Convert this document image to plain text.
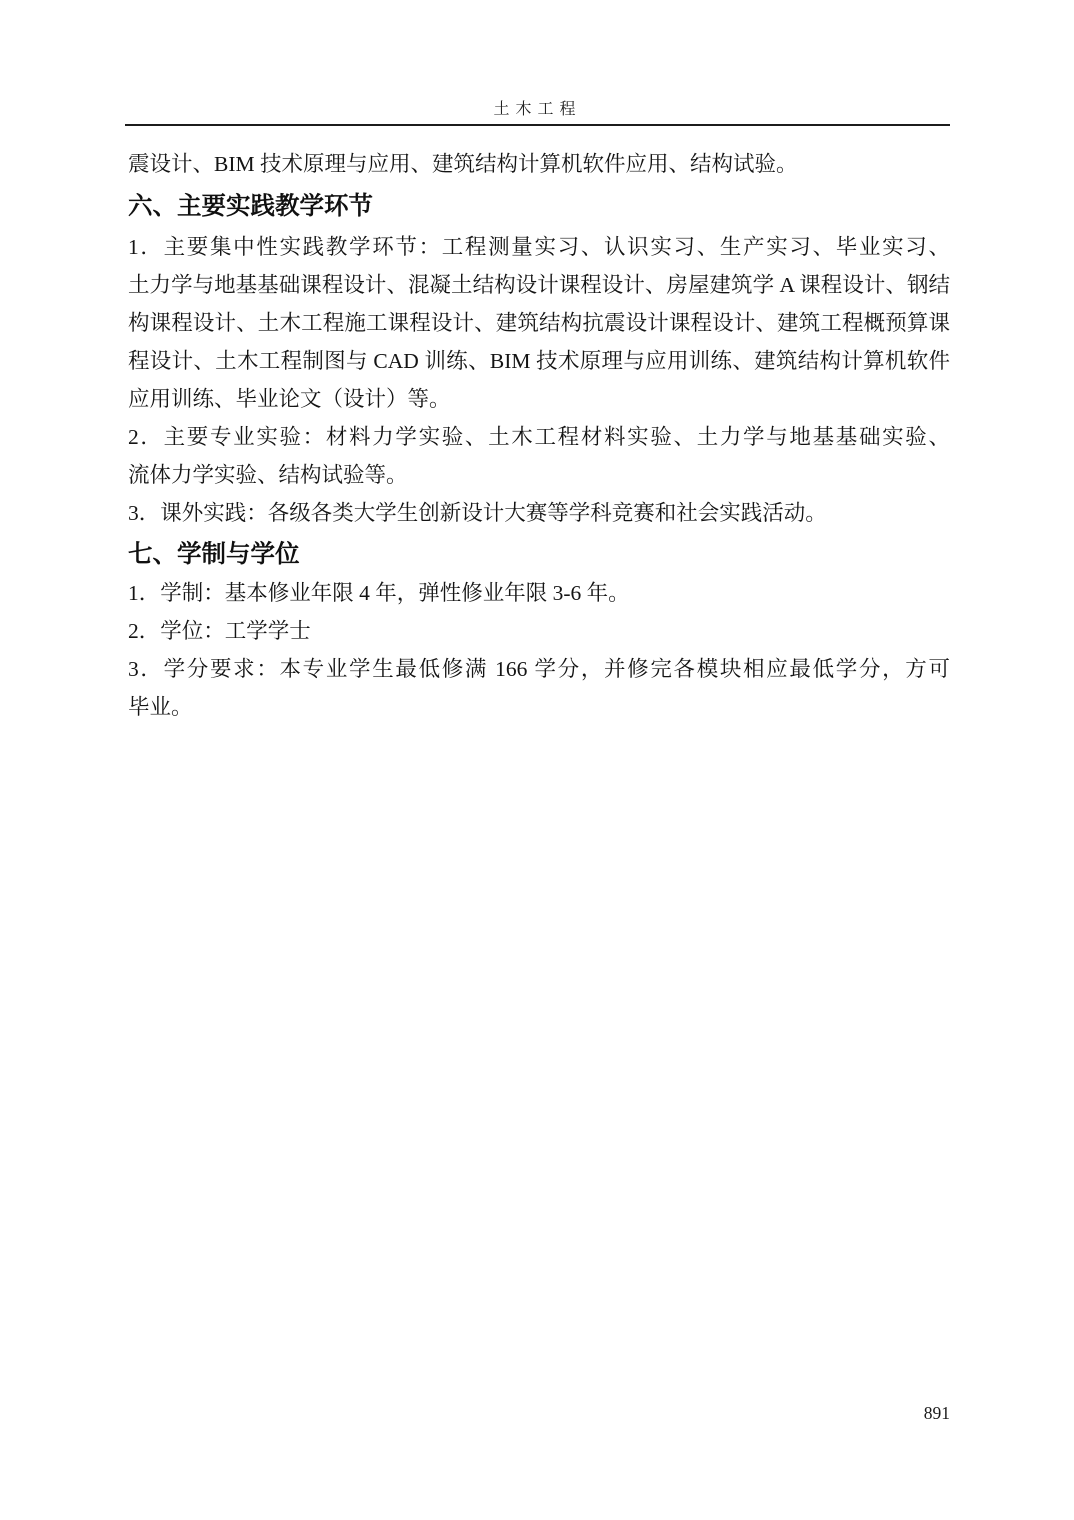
土木工程

震设计、BIM 技术原理与应用、建筑结构计算机软件应用、结构试验。

六、主要实践教学环节

1．主要集中性实践教学环节：工程测量实习、认识实习、生产实习、毕业实习、

土力学与地基基础课程设计、混凝土结构设计课程设计、房屋建筑学 A 课程设计、钢结

构课程设计、土木工程施工课程设计、建筑结构抗震设计课程设计、建筑工程概预算课

程设计、土木工程制图与 CAD 训练、BIM 技术原理与应用训练、建筑结构计算机软件

应用训练、毕业论文（设计）等。

2．主要专业实验：材料力学实验、土木工程材料实验、土力学与地基基础实验、

流体力学实验、结构试验等。

3．课外实践：各级各类大学生创新设计大赛等学科竞赛和社会实践活动。

七、学制与学位

1．学制：基本修业年限 4 年，弹性修业年限 3-6 年。

2．学位：工学学士

3．学分要求：本专业学生最低修满 166 学分，并修完各模块相应最低学分，方可

毕业。

891
